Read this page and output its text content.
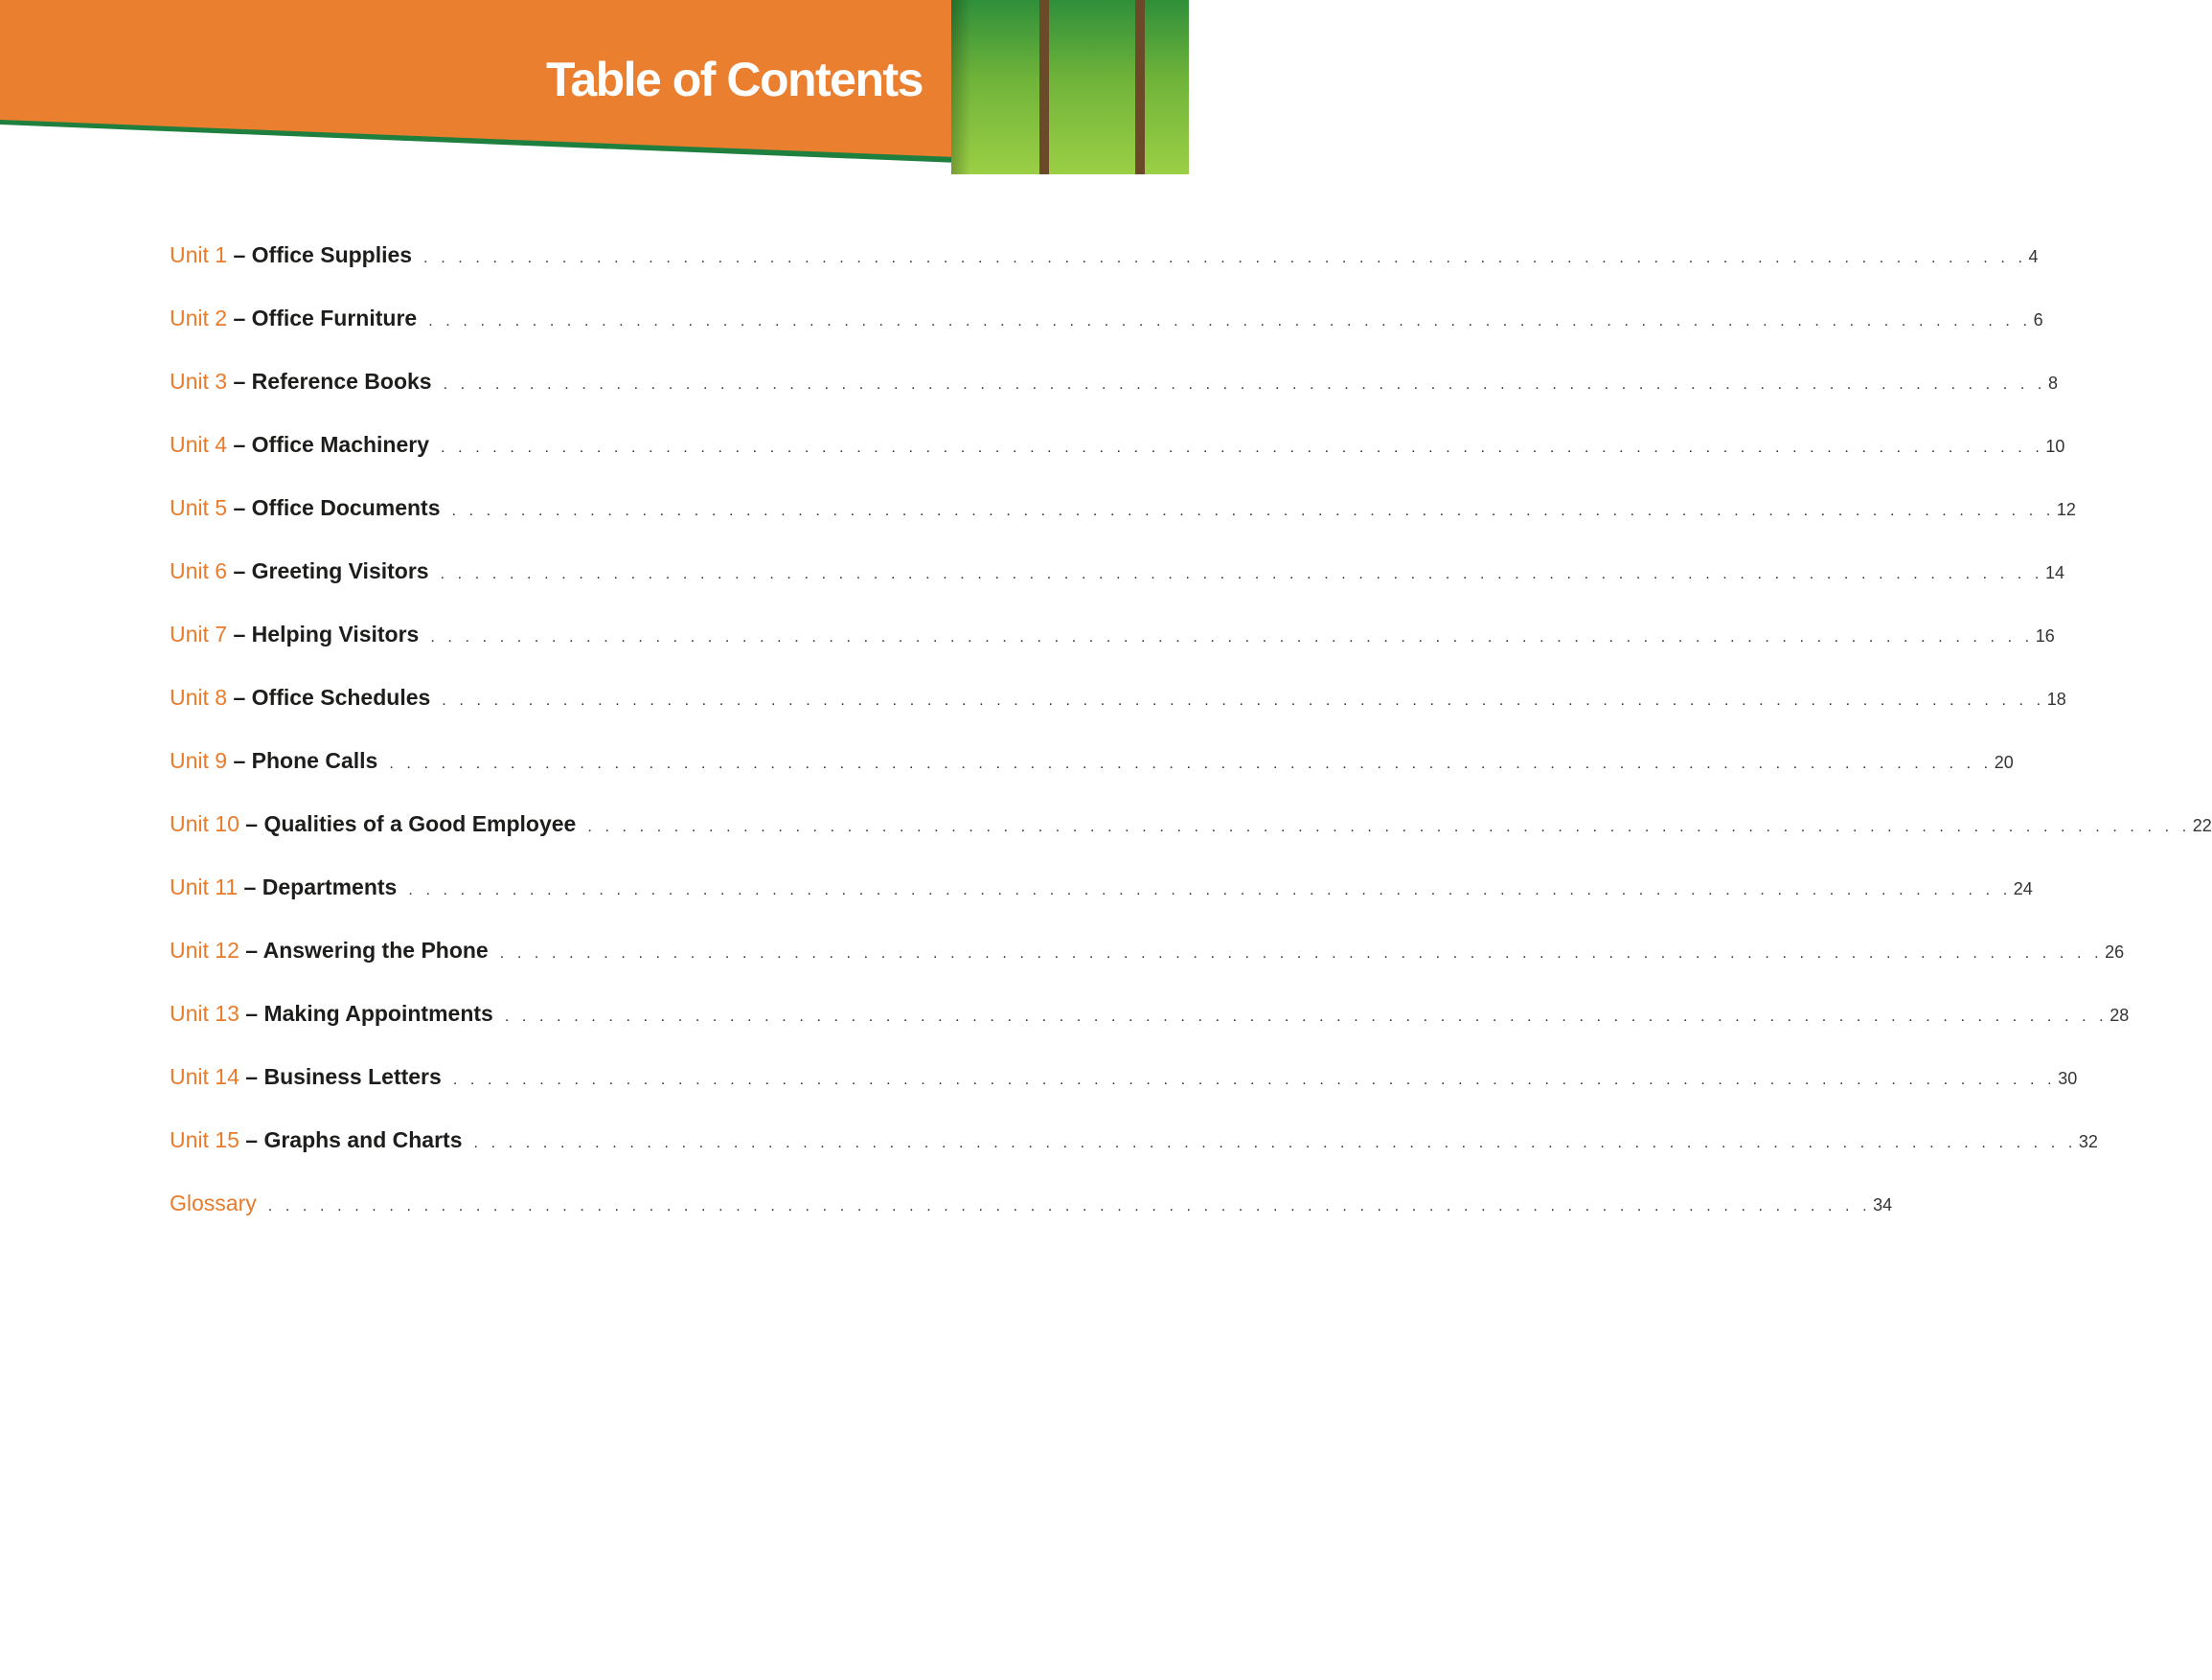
Table of Contents
Unit 1 – Office Supplies . . . . . . . . . . . . . . . . . . . . . . . . . . . . . . . . . . . . . . . . . . . . . . . . . . . . . . . . . . . . . . . . . . . . . . . . . . . . . . . . . . . . . . . . . . . . . 4
Unit 2 – Office Furniture . . . . . . . . . . . . . . . . . . . . . . . . . . . . . . . . . . . . . . . . . . . . . . . . . . . . . . . . . . . . . . . . . . . . . . . . . . . . . . . . . . . . . . . . . . . . . 6
Unit 3 – Reference Books . . . . . . . . . . . . . . . . . . . . . . . . . . . . . . . . . . . . . . . . . . . . . . . . . . . . . . . . . . . . . . . . . . . . . . . . . . . . . . . . . . . . . . . . . . . . . 8
Unit 4 – Office Machinery . . . . . . . . . . . . . . . . . . . . . . . . . . . . . . . . . . . . . . . . . . . . . . . . . . . . . . . . . . . . . . . . . . . . . . . . . . . . . . . . . . . . . . . . . . . . . 10
Unit 5 – Office Documents . . . . . . . . . . . . . . . . . . . . . . . . . . . . . . . . . . . . . . . . . . . . . . . . . . . . . . . . . . . . . . . . . . . . . . . . . . . . . . . . . . . . . . . . . . . . . 12
Unit 6 – Greeting Visitors . . . . . . . . . . . . . . . . . . . . . . . . . . . . . . . . . . . . . . . . . . . . . . . . . . . . . . . . . . . . . . . . . . . . . . . . . . . . . . . . . . . . . . . . . . . . . 14
Unit 7 – Helping Visitors . . . . . . . . . . . . . . . . . . . . . . . . . . . . . . . . . . . . . . . . . . . . . . . . . . . . . . . . . . . . . . . . . . . . . . . . . . . . . . . . . . . . . . . . . . . . . 16
Unit 8 – Office Schedules . . . . . . . . . . . . . . . . . . . . . . . . . . . . . . . . . . . . . . . . . . . . . . . . . . . . . . . . . . . . . . . . . . . . . . . . . . . . . . . . . . . . . . . . . . . . . 18
Unit 9 – Phone Calls . . . . . . . . . . . . . . . . . . . . . . . . . . . . . . . . . . . . . . . . . . . . . . . . . . . . . . . . . . . . . . . . . . . . . . . . . . . . . . . . . . . . . . . . . . . . . 20
Unit 10 – Qualities of a Good Employee . . . . . . . . . . . . . . . . . . . . . . . . . . . . . . . . . . . . . . . . . . . . . . . . . . . . . . . . . . . . . . . . . . . . . . . . . . . . . . . . . . . . . . . . . . . . . 22
Unit 11 – Departments . . . . . . . . . . . . . . . . . . . . . . . . . . . . . . . . . . . . . . . . . . . . . . . . . . . . . . . . . . . . . . . . . . . . . . . . . . . . . . . . . . . . . . . . . . . . . 24
Unit 12 – Answering the Phone . . . . . . . . . . . . . . . . . . . . . . . . . . . . . . . . . . . . . . . . . . . . . . . . . . . . . . . . . . . . . . . . . . . . . . . . . . . . . . . . . . . . . . . . . . . . . 26
Unit 13 – Making Appointments . . . . . . . . . . . . . . . . . . . . . . . . . . . . . . . . . . . . . . . . . . . . . . . . . . . . . . . . . . . . . . . . . . . . . . . . . . . . . . . . . . . . . . . . . . . . . 28
Unit 14 – Business Letters . . . . . . . . . . . . . . . . . . . . . . . . . . . . . . . . . . . . . . . . . . . . . . . . . . . . . . . . . . . . . . . . . . . . . . . . . . . . . . . . . . . . . . . . . . . . . 30
Unit 15 – Graphs and Charts . . . . . . . . . . . . . . . . . . . . . . . . . . . . . . . . . . . . . . . . . . . . . . . . . . . . . . . . . . . . . . . . . . . . . . . . . . . . . . . . . . . . . . . . . . . . . 32
Glossary . . . . . . . . . . . . . . . . . . . . . . . . . . . . . . . . . . . . . . . . . . . . . . . . . . . . . . . . . . . . . . . . . . . . . . . . . . . . . . . . . . . . . . . . . . . . . 34
